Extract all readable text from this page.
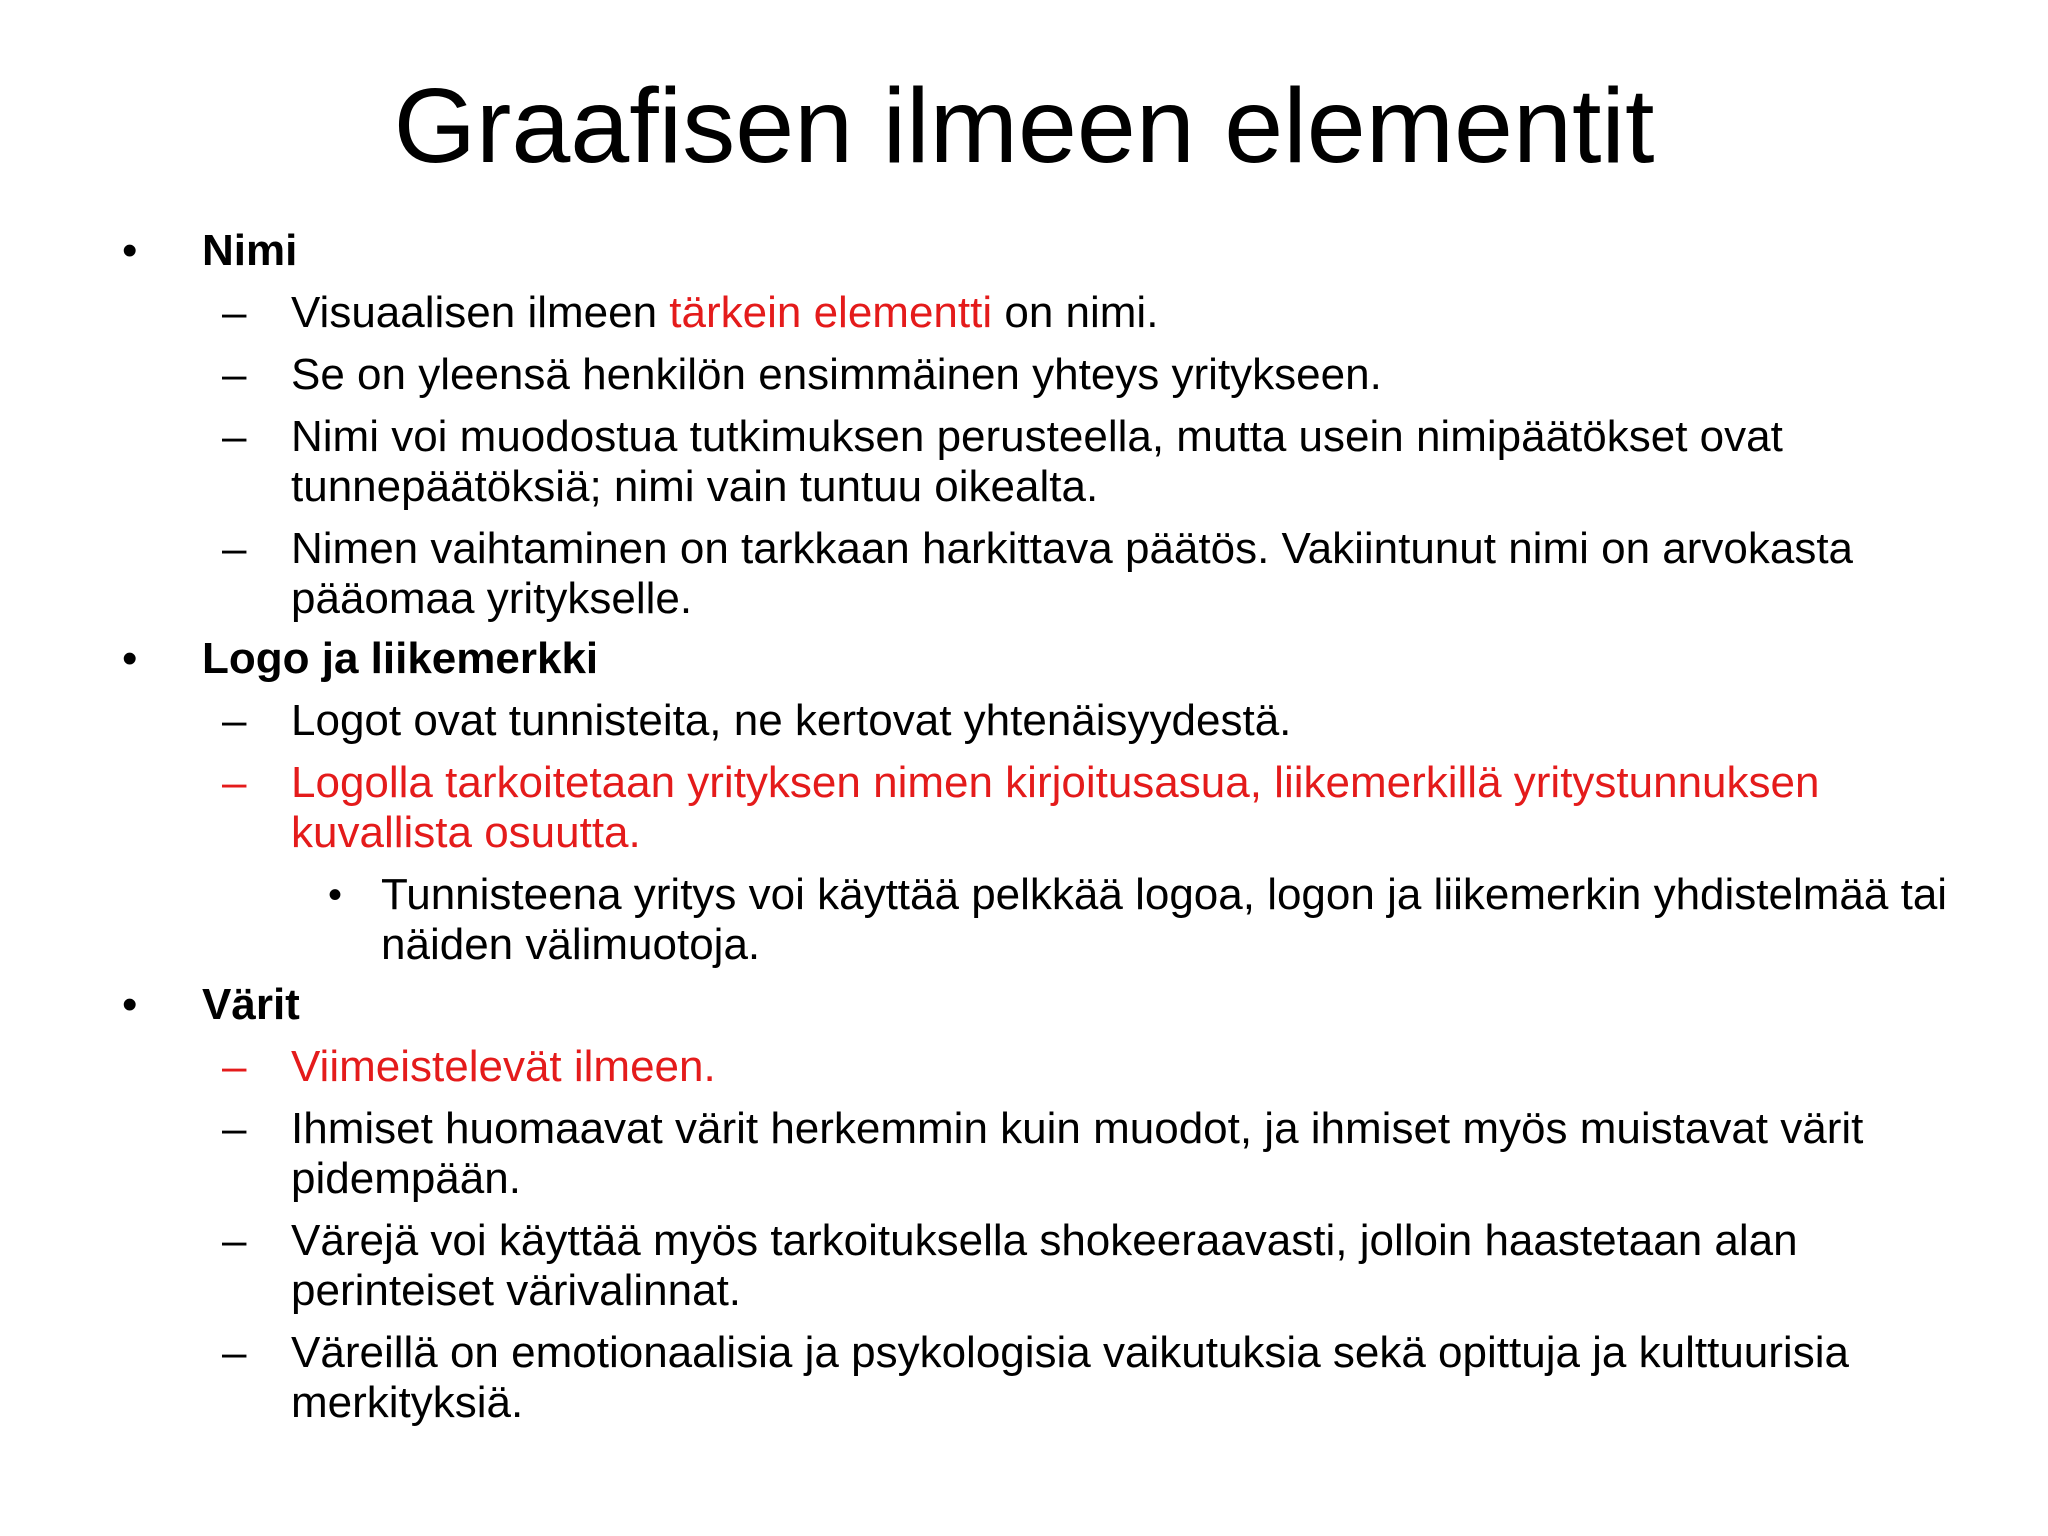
Graafisen ilmeen elementit
• Nimi
– Visuaalisen ilmeen tärkein elementti on nimi.
– Se on yleensä henkilön ensimmäinen yhteys yritykseen.
– Nimi voi muodostua tutkimuksen perusteella, mutta usein nimipäätökset ovat tunnepäätöksiä; nimi vain tuntuu oikealta.
– Nimen vaihtaminen on tarkkaan harkittava päätös. Vakiintunut nimi on arvokasta pääomaa yritykselle.
• Logo ja liikemerkki
– Logot ovat tunnisteita, ne kertovat yhtenäisyydestä.
– Logolla tarkoitetaan yrityksen nimen kirjoitusasua, liikemerkillä yritystunnuksen kuvallista osuutta.
• Tunnisteena yritys voi käyttää pelkkää logoa, logon ja liikemerkin yhdistelmää tai näiden välimuotoja.
• Värit
– Viimeistelevät ilmeen.
– Ihmiset huomaavat värit herkemmin kuin muodot, ja ihmiset myös muistavat värit pidempään.
– Värejä voi käyttää myös tarkoituksella shokeeraavasti, jolloin haastetaan alan perinteiset värivalinnat.
– Väreillä on emotionaalisia ja psykologisia vaikutuksia sekä opittuja ja kulttuurisia merkityksiä.
